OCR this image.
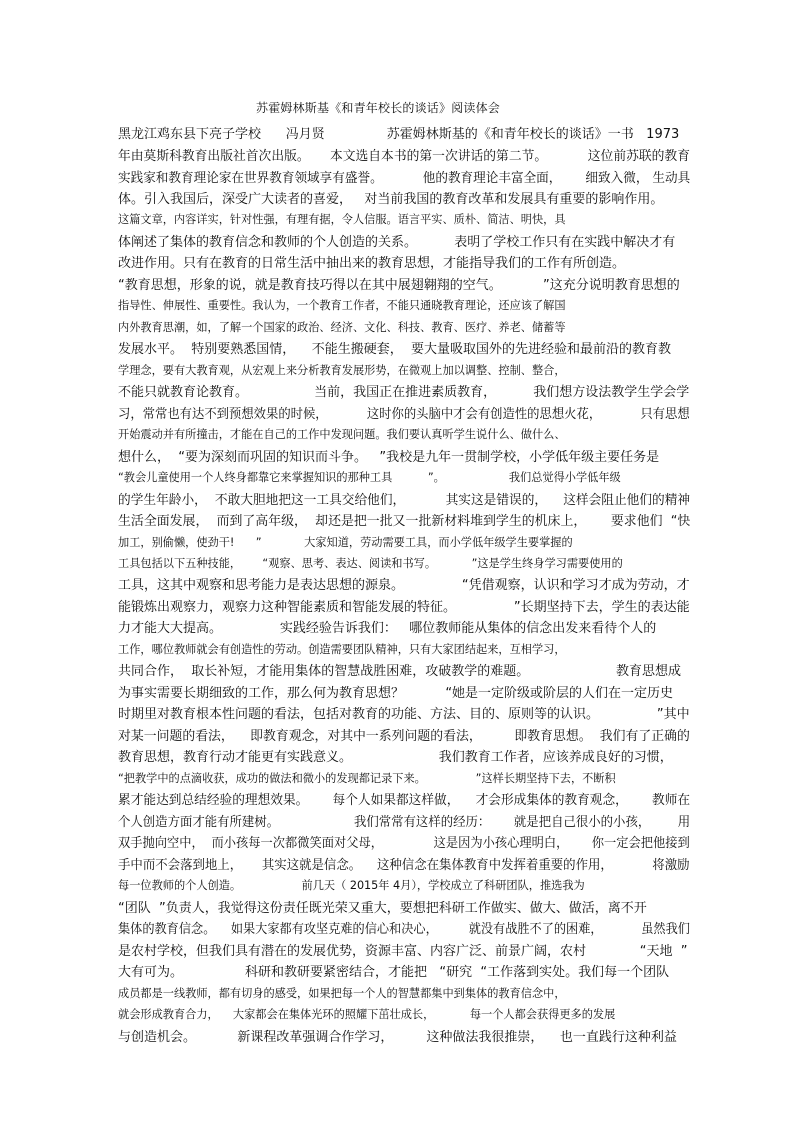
苏霍姆林斯基《和青年校长的谈话》阅读体会
黑龙江鸡东县下亮子学校      冯月贤               苏霍姆林斯基的《和青年校长的谈话》一书   1973
年由莫斯科教育出版社首次出版。     本文选自本书的第一次讲话的第二节。          这位前苏联的教育
实践家和教育理论家在世界教育领域享有盛誉。          他的教育理论丰富全面，      细致入微， 生动具
体。引入我国后，深受广大读者的喜爱，   对当前我国的教育改革和发展具有重要的影响作用。
这篇文章，内容详实，针对性强，有理有据，令人信服。语言平实、质朴、简洁、明快，具
体阐述了集体的教育信念和教师的个人创造的关系。         表明了学校工作只有在实践中解决才有
改进作用。只有在教育的日常生活中抽出来的教育思想，才能指导我们的工作有所创造。
“教育思想，形象的说，就是教育技巧得以在其中展翅翱翔的空气。          ”这充分说明教育思想的
指导性、伸展性、重要性。我认为，一个教育工作者，不能只通晓教育理论，还应该了解国
内外教育思潮，如，了解一个国家的政治、经济、文化、科技、教育、医疗、养老、储蓄等
发展水平。  特别要熟悉国情，    不能生搬硬套，  要大量吸取国外的先进经验和最前沿的教育教
学理念，要有大教育观，从宏观上来分析教育发展形势，在微观上加以调整、控制、整合，
不能只就教育论教育。                当前，我国正在推进素质教育，         我们想方设法教学生学会学
习，常常也有达不到预想效果的时候，          这时你的头脑中才会有创造性的思想火花，          只有思想
开始震动并有所撞击，才能在自己的工作中发现问题。我们要认真听学生说什么、做什么、
想什么，  “要为深刻而巩固的知识而斗争。   ”我校是九年一贯制学校，小学低年级主要任务是
“教会儿童使用一个人终身都靠它来掌握知识的那种工具          ”。                  我们总觉得小学低年级
的学生年龄小，  不敢大胆地把这一工具交给他们，          其实这是错误的，    这样会阻止他们的精神
生活全面发展，  而到了高年级，  却还是把一批又一批新材料堆到学生的机床上，      要求他们  “快
加工，别偷懒，使劲干!      ”            大家知道，劳动需要工具，而小学低年级学生要掌握的
工具包括以下五种技能，      “观察、思考、表达、阅读和书写。          ”这是学生终身学习需要使用的
工具，这其中观察和思考能力是表达思想的源泉。              “凭借观察，认识和学习才成为劳动，才
能锻炼出观察力，观察力这种智能素质和智能发展的特征。              ”长期坚持下去，学生的表达能
力才能大大提高。              实践经验告诉我们：   哪位教师能从集体的信念出发来看待个人的
工作，哪位教师就会有创造性的劳动。创造需要团队精神，只有大家团结起来，互相学习，
共同合作，  取长补短，才能用集体的智慧战胜困难，攻破教学的难题。                     教育思想成
为事实需要长期细致的工作，那么何为教育思想？          “她是一定阶级或阶层的人们在一定历史
时期里对教育根本性问题的看法，包括对教育的功能、方法、目的、原则等的认识。              ”其中
对某一问题的看法，    即教育观念，对其中一系列问题的看法，        即教育思想。  我们有了正确的
教育思想，教育行动才能更有实践意义。                     我们教育工作者，应该养成良好的习惯，
“把教学中的点滴收获，成功的做法和微小的发现都记录下来。              ”这样长期坚持下去，不断积
累才能达到总结经验的理想效果。      每个人如果都这样做，    才会形成集体的教育观念，      教师在
个人创造方面才能有所建树。                   我们常常有这样的经历：      就是把自己很小的小孩，       用
双手抛向空中，  而小孩每一次都微笑面对父母，             这是因为小孩心理明白，      你一定会把他接到
手中而不会落到地上，     其实这就是信念。    这种信念在集体教育中发挥着重要的作用，          将激励
每一位教师的个人创造。                 前几天（ 2015年 4月），学校成立了科研团队，推选我为
“团队  ”负责人，我觉得这份责任既光荣又重大，要想把科研工作做实、做大、做活，离不开
集体的教育信念。    如果大家都有攻坚克难的信心和决心，        就没有战胜不了的困难，          虽然我们
是农村学校，但我们具有潜在的发展优势，资源丰富、内容广泛、前景广阔，农村             “天地  ”
大有可为。               科研和教研要紧密结合，才能把   “研究  “工作落到实处。我们每一个团队
成员都是一线教师，都有切身的感受，如果把每一个人的智慧都集中到集体的教育信念中，
就会形成教育合力，    大家都会在集体光环的照耀下茁壮成长，          每一个人都会获得更多的发展
与创造机会。          新课程改革强调合作学习，        这种做法我很推崇，    也一直践行这种利益
